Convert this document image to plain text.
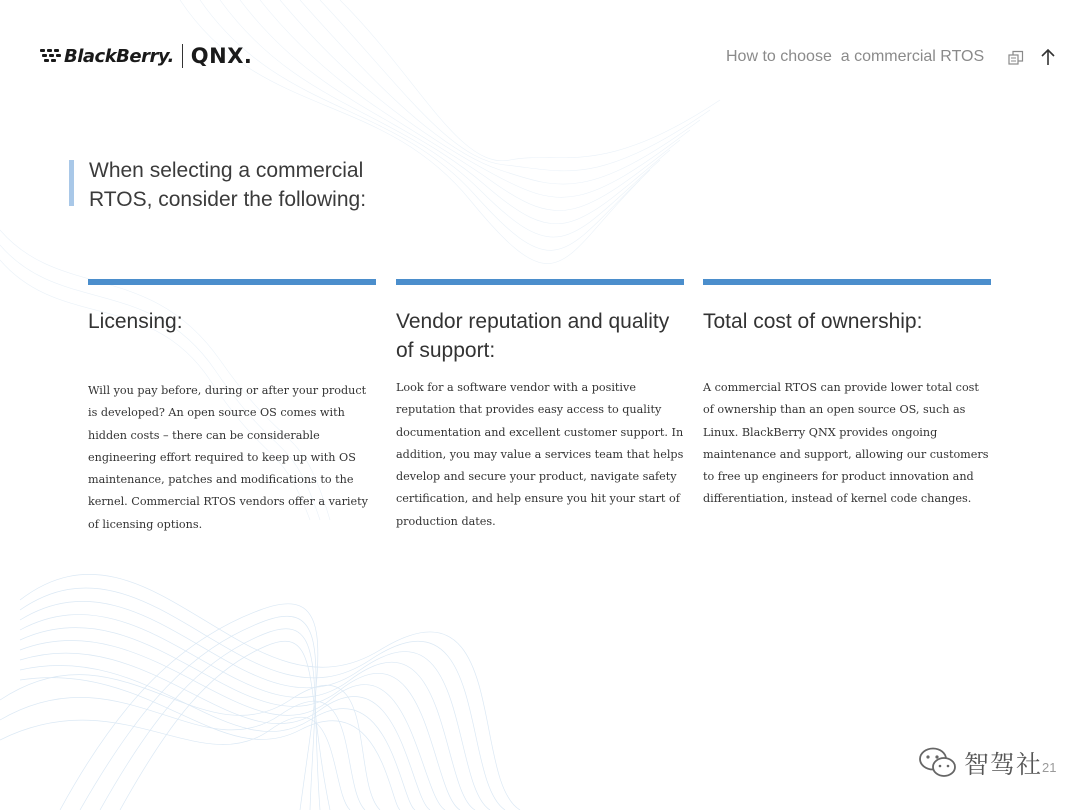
BlackBerry. QNX.	How to choose  a commercial RTOS
When selecting a commercial RTOS, consider the following:
Licensing:
Will you pay before, during or after your product is developed? An open source OS comes with hidden costs – there can be considerable engineering effort required to keep up with OS maintenance, patches and modifications to the kernel. Commercial RTOS vendors offer a variety of licensing options.
Vendor reputation and quality of support:
Look for a software vendor with a positive reputation that provides easy access to quality documentation and excellent customer support. In addition, you may value a services team that helps develop and secure your product, navigate safety certification, and help ensure you hit your start of production dates.
Total cost of ownership:
A commercial RTOS can provide lower total cost of ownership than an open source OS, such as Linux. BlackBerry QNX provides ongoing maintenance and support, allowing our customers to free up engineers for product innovation and differentiation, instead of kernel code changes.
智驾社 21
